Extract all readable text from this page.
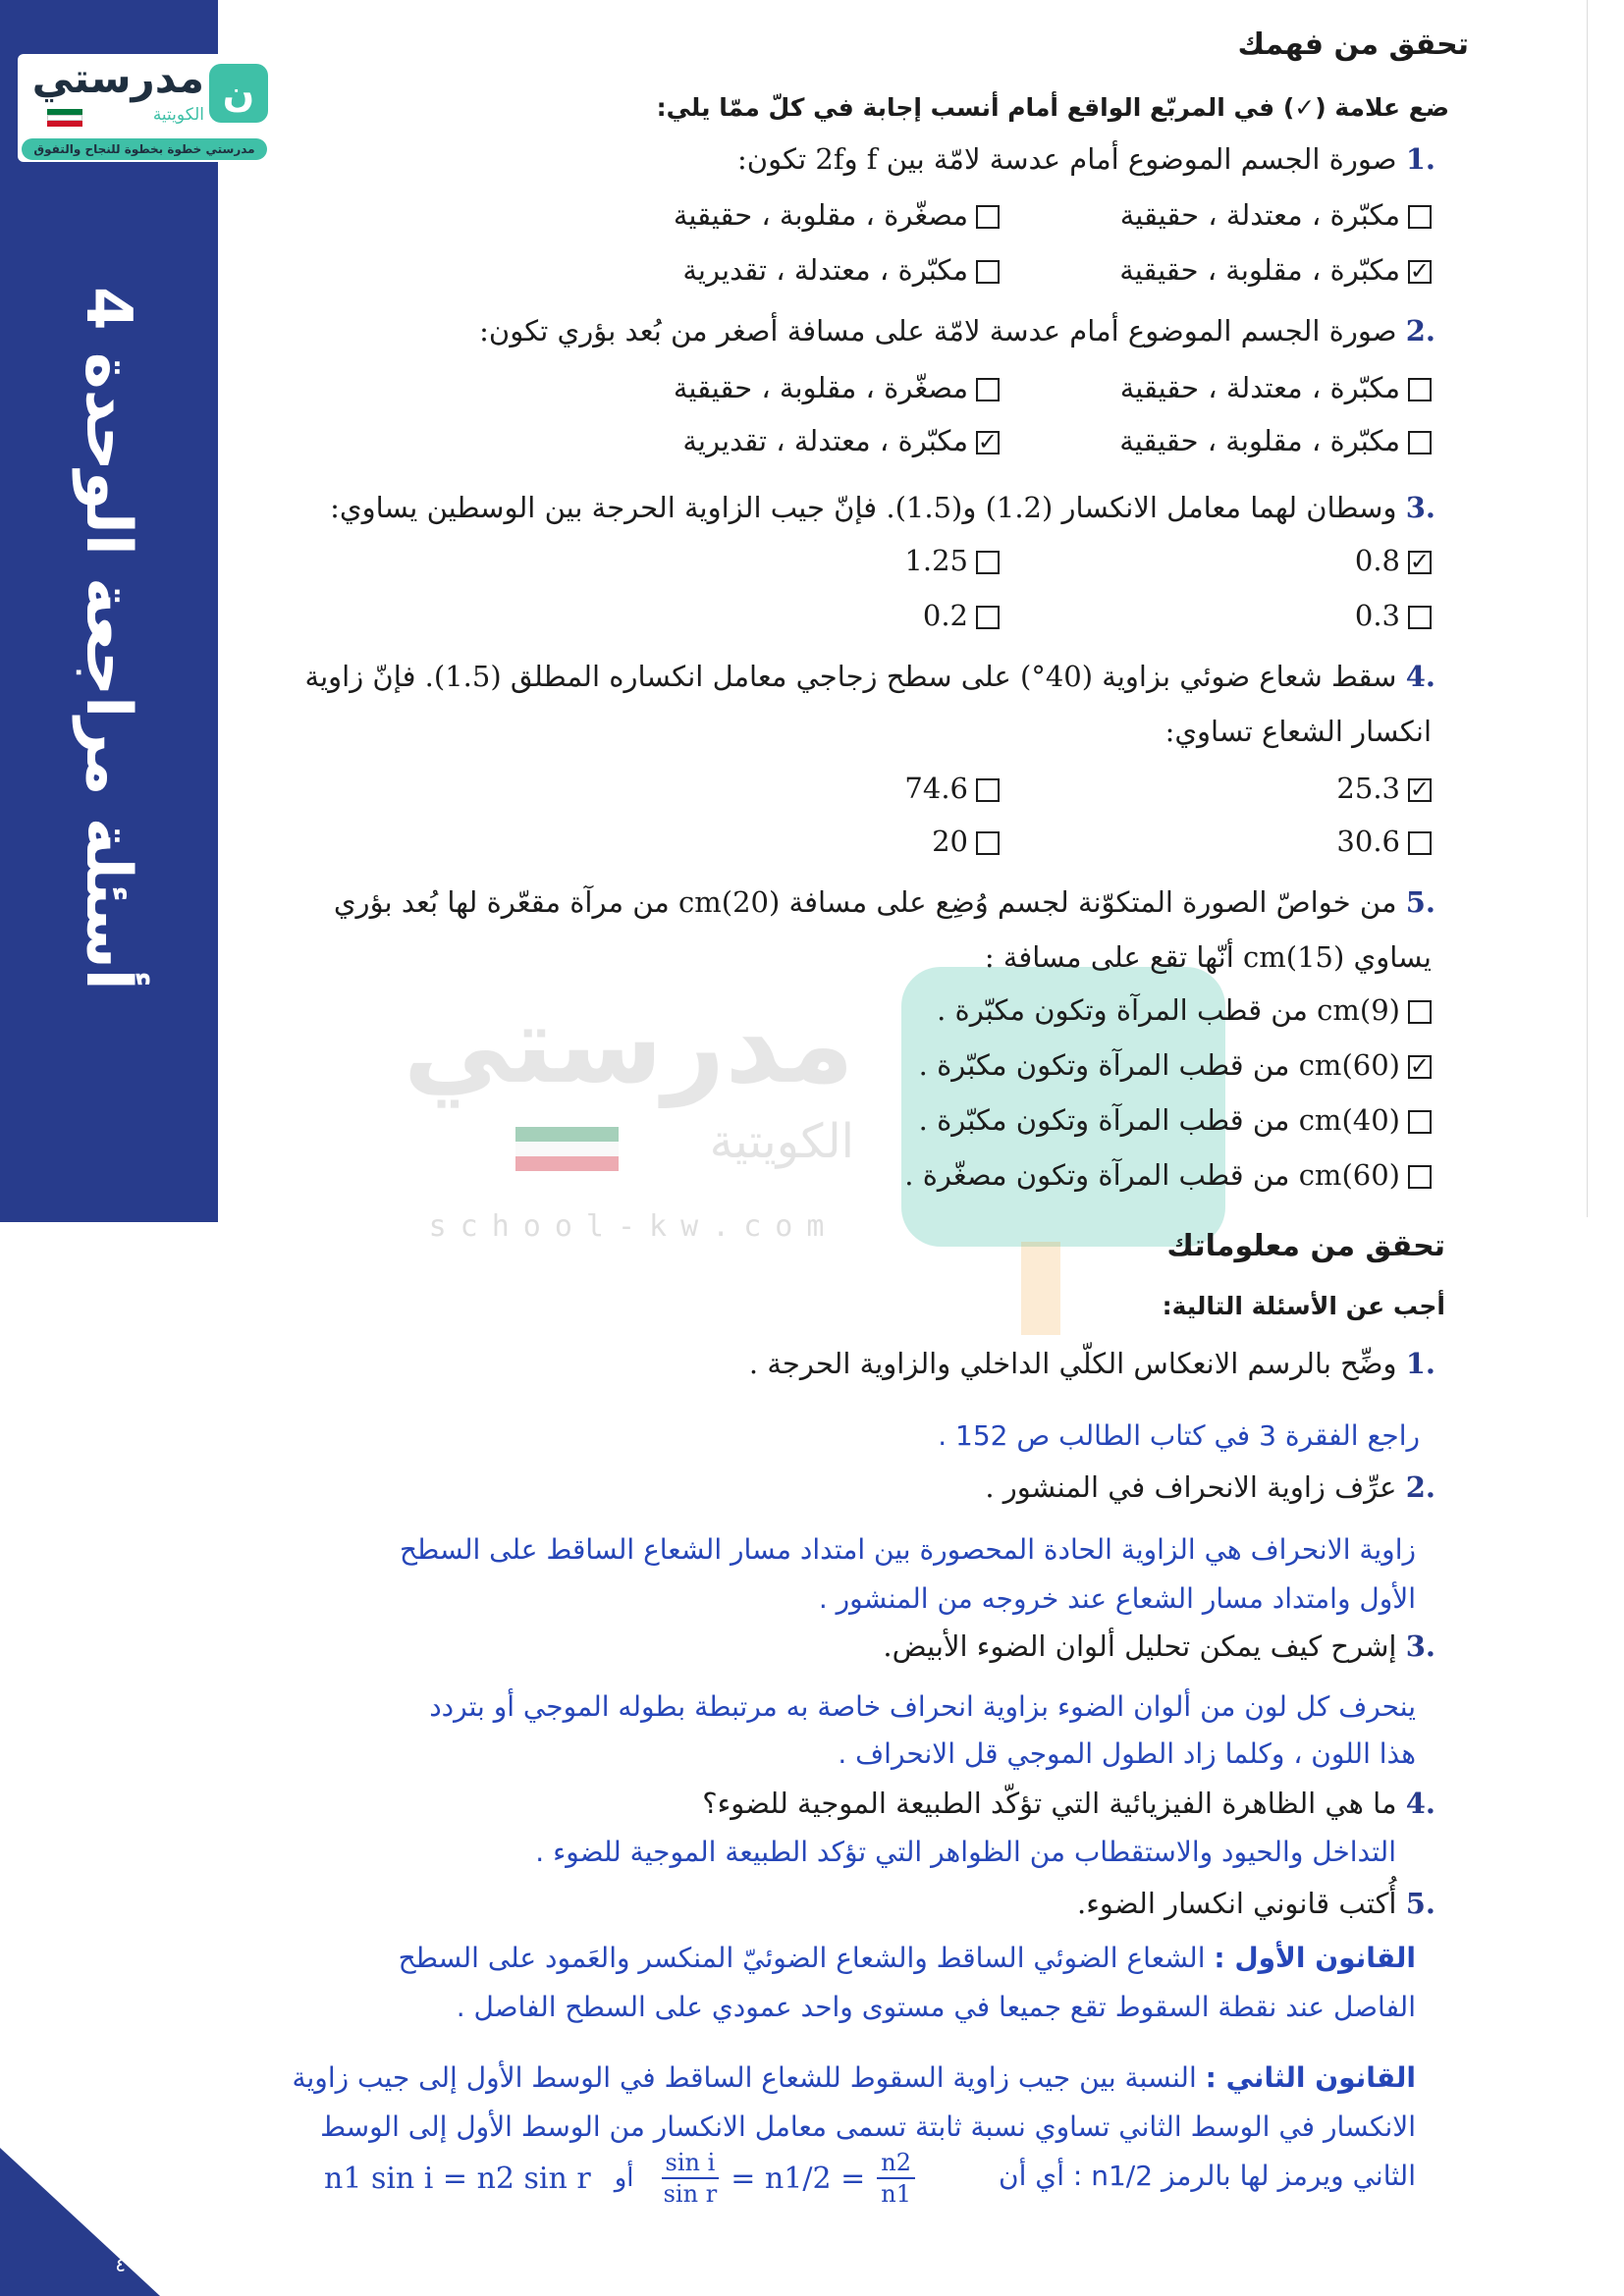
أسئلة مراجعة الوحدة 4
ن
مدرستي
الكويتية
مدرستي خطوة بخطوة للنجاح والتفوق
مدرستي
الكويتية
school-kw.com
تحقق من فهمك
ضع علامة (✓) في المربّع الواقع أمام أنسب إجابة في كلّ ممّا يلي:
.1 صورة الجسم الموضوع أمام عدسة لامّة بين f و2f تكون:
مكبّرة ، معتدلة ، حقيقية
مصغّرة ، مقلوبة ، حقيقية
✓مكبّرة ، مقلوبة ، حقيقية
مكبّرة ، معتدلة ، تقديرية
.2 صورة الجسم الموضوع أمام عدسة لامّة على مسافة أصغر من بُعد بؤري تكون:
مكبّرة ، معتدلة ، حقيقية
مصغّرة ، مقلوبة ، حقيقية
مكبّرة ، مقلوبة ، حقيقية
✓مكبّرة ، معتدلة ، تقديرية
.3 وسطان لهما معامل الانكسار (1.2) و(1.5). فإنّ جيب الزاوية الحرجة بين الوسطين يساوي:
✓0.8
1.25
0.3
0.2
.4 سقط شعاع ضوئي بزاوية (40°) على سطح زجاجي معامل انكساره المطلق (1.5). فإنّ زاوية
انكسار الشعاع تساوي:
✓25.3
74.6
30.6
20
.5 من خواصّ الصورة المتكوّنة لجسم وُضِع على مسافة (20)cm من مرآة مقعّرة لها بُعد بؤري
يساوي (15)cm أنّها تقع على مسافة :
(9)cm من قطب المرآة وتكون مكبّرة .
✓(60)cm من قطب المرآة وتكون مكبّرة .
(40)cm من قطب المرآة وتكون مكبّرة .
(60)cm من قطب المرآة وتكون مصغّرة .
تحقق من معلوماتك
أجب عن الأسئلة التالية:
.1 وضِّح بالرسم الانعكاس الكلّي الداخلي والزاوية الحرجة .
راجع الفقرة 3 في كتاب الطالب ص 152 .
.2 عرِّف زاوية الانحراف في المنشور .
زاوية الانحراف هي الزاوية الحادة المحصورة بين امتداد مسار الشعاع الساقط على السطح
الأول وامتداد مسار الشعاع عند خروجه من المنشور .
.3 إشرح كيف يمكن تحليل ألوان الضوء الأبيض.
ينحرف كل لون من ألوان الضوء بزاوية انحراف خاصة به مرتبطة بطوله الموجي أو بتردد
هذا اللون ، وكلما زاد الطول الموجي قل الانحراف .
.4 ما هي الظاهرة الفيزيائية التي تؤكّد الطبيعة الموجية للضوء؟
التداخل والحيود والاستقطاب من الظواهر التي تؤكد الطبيعة الموجية للضوء .
.5 أُكتب قانوني انكسار الضوء.
القانون الأول : الشعاع الضوئي الساقط والشعاع الضوئيّ المنكسر والعَمود على السطح
الفاصل عند نقطة السقوط تقع جميعا في مستوى واحد عمودي على السطح الفاصل .
القانون الثاني : النسبة بين جيب زاوية السقوط للشعاع الساقط في الوسط الأول إلى جيب زاوية
الانكسار في الوسط الثاني تساوي نسبة ثابتة تسمى معامل الانكسار من الوسط الأول إلى الوسط
الثاني ويرمز لها بالرمز n1/2 : أي أن
n1 sin i = n2 sin r أو $\frac{\text{sin i}}{\text{sin r}} = n1/2 = \frac{n2}{n1}$
٤٩
